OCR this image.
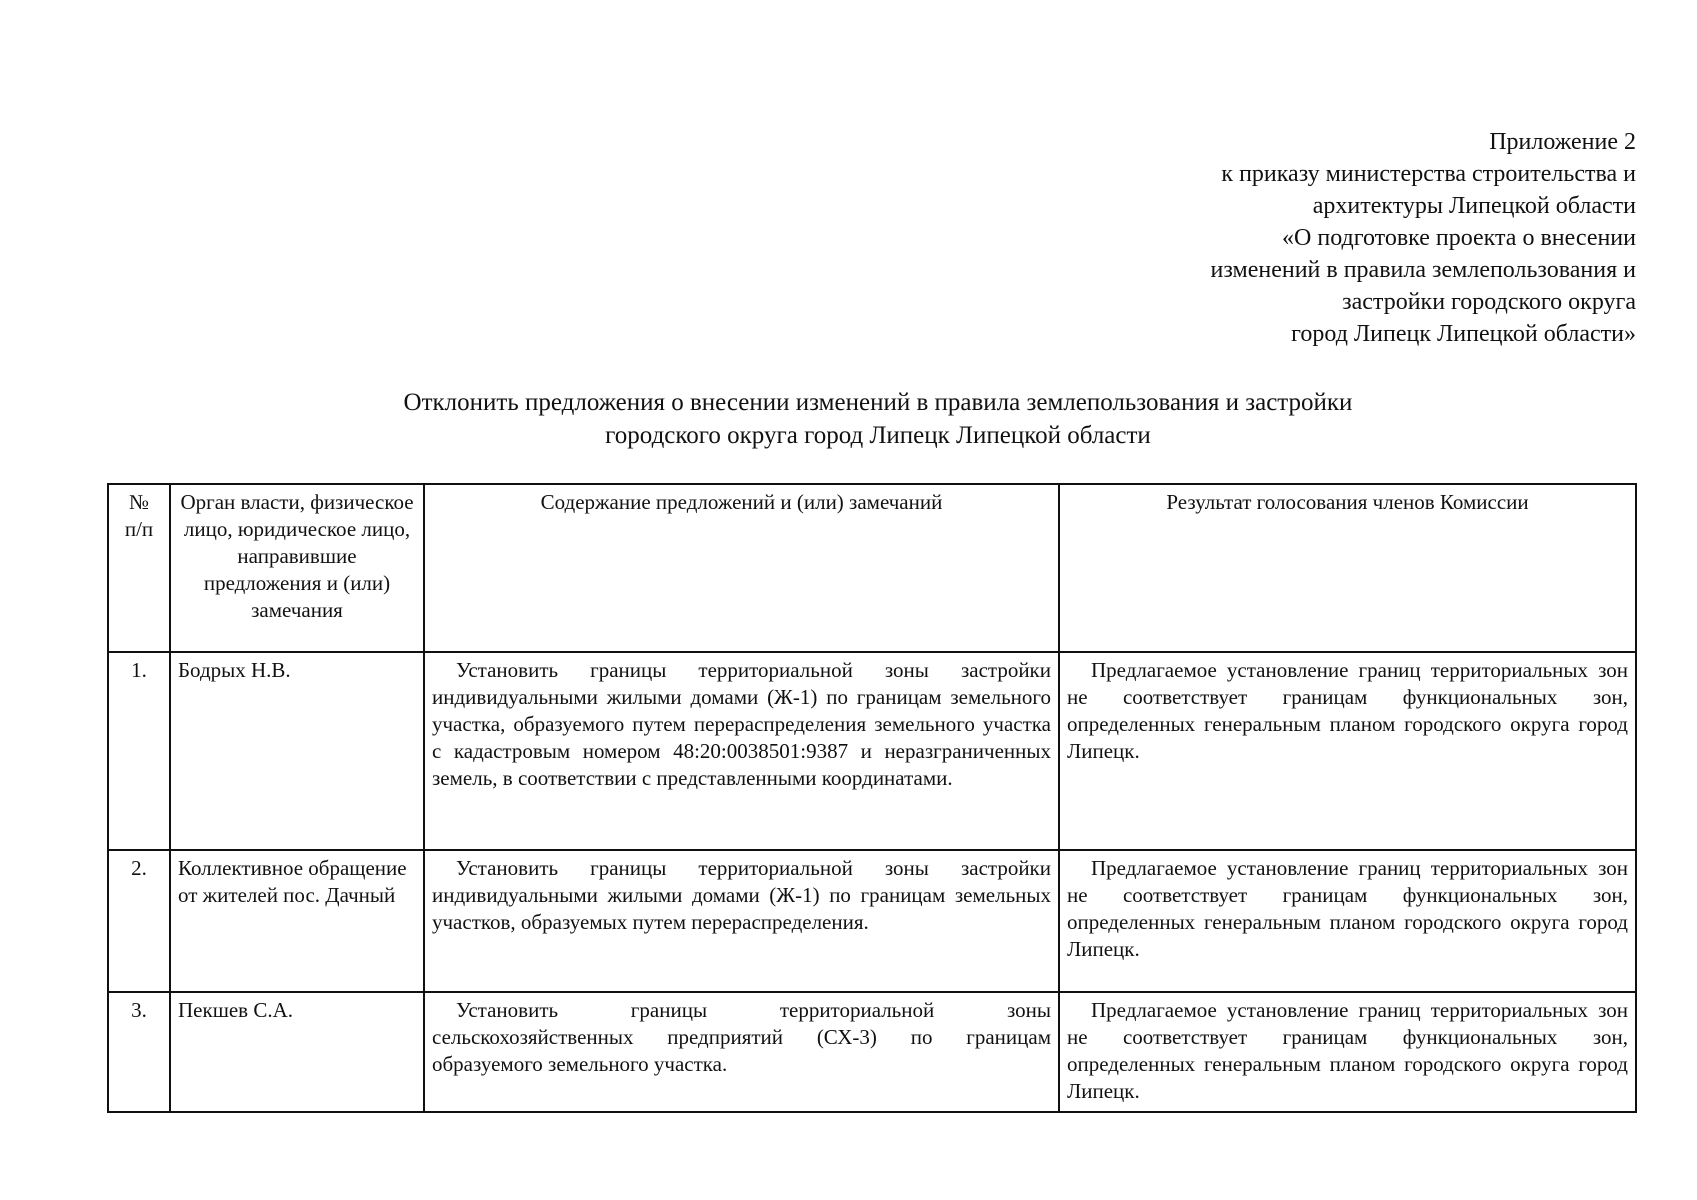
Приложение 2
к приказу министерства строительства и
архитектуры Липецкой области
«О подготовке проекта о внесении
изменений в правила землепользования и
застройки городского округа
город Липецк Липецкой области»
Отклонить предложения о внесении изменений в правила землепользования и застройки
городского округа город Липецк Липецкой области
№
п/п	Орган власти, физическое лицо, юридическое лицо, направившие предложения и (или) замечания	Содержание предложений и (или) замечаний	Результат голосования членов Комиссии
1.	Бодрых Н.В.	Установить границы территориальной зоны застройки индивидуальными жилыми домами (Ж-1) по границам земельного участка, образуемого путем перераспределения земельного участка с кадастровым номером 48:20:0038501:9387 и неразграниченных земель, в соответствии с представленными координатами.	Предлагаемое установление границ территориальных зон не соответствует границам функциональных зон, определенных генеральным планом городского округа город Липецк.
2.	Коллективное обращение от жителей пос. Дачный	Установить границы территориальной зоны застройки индивидуальными жилыми домами (Ж-1) по границам земельных участков, образуемых путем перераспределения.	Предлагаемое установление границ территориальных зон не соответствует границам функциональных зон, определенных генеральным планом городского округа город Липецк.
3.	Пекшев С.А.	Установить границы территориальной зоны сельскохозяйственных предприятий (СХ-3) по границам образуемого земельного участка.	Предлагаемое установление границ территориальных зон не соответствует границам функциональных зон, определенных генеральным планом городского округа город Липецк.
